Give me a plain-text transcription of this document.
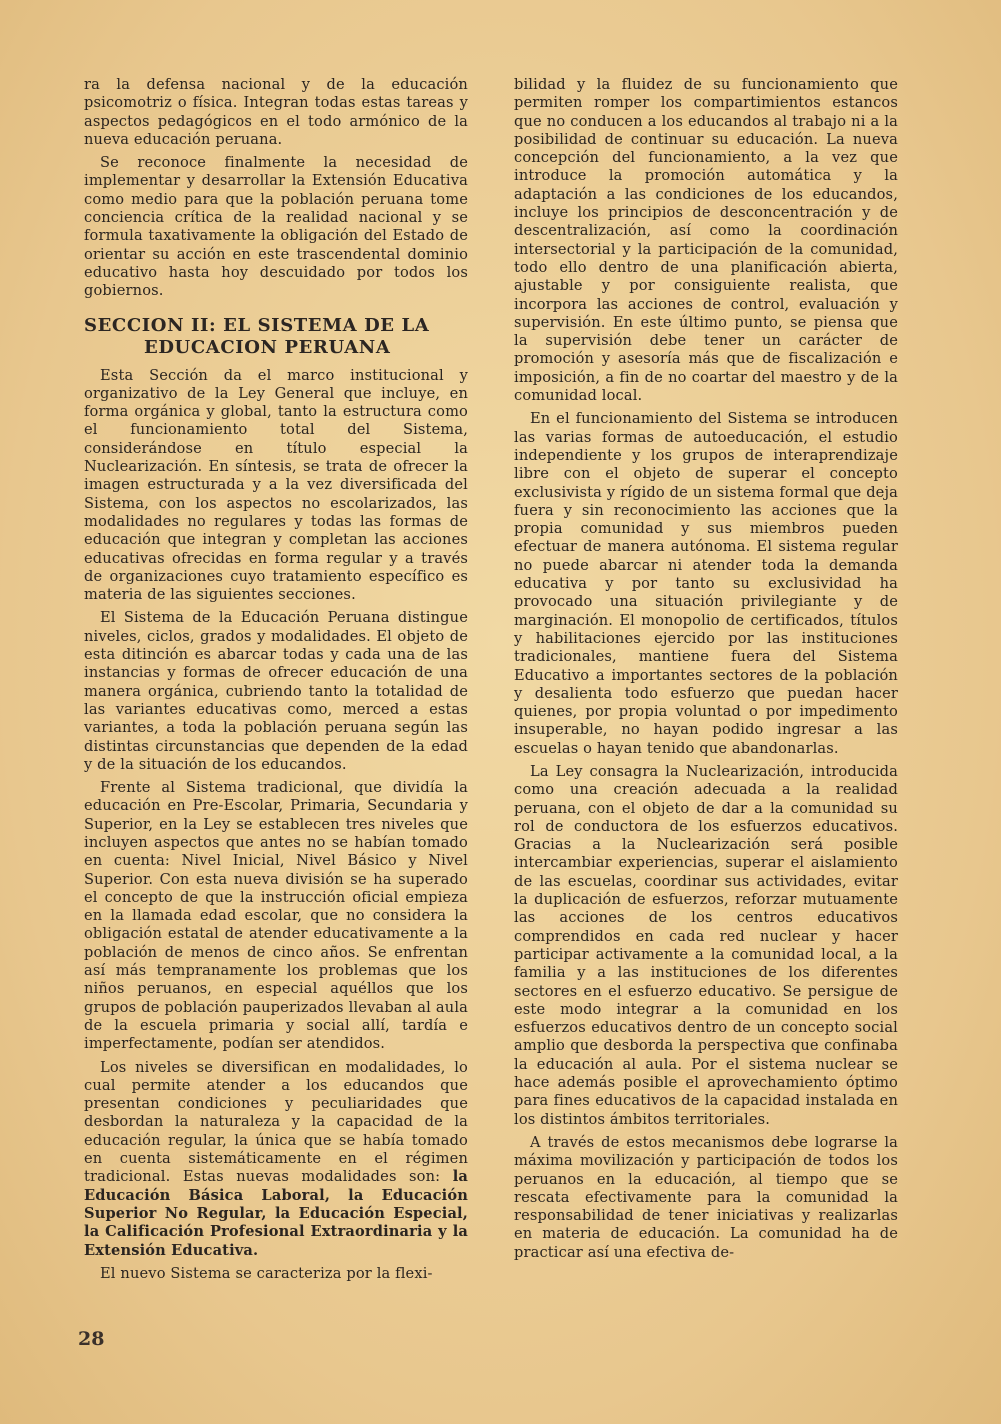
ra la defensa nacional y de la educación psicomotriz o física. Integran todas estas tareas y aspectos pedagógicos en el todo armónico de la nueva educación peruana.

Se reconoce finalmente la necesidad de implementar y desarrollar la Extensión Educativa como medio para que la población peruana tome conciencia crítica de la realidad nacional y se formula taxativamente la obligación del Estado de orientar su acción en este trascendental dominio educativo hasta hoy descuidado por todos los gobiernos.

SECCION II: EL SISTEMA DE LA
EDUCACION PERUANA

Esta Sección da el marco institucional y organizativo de la Ley General que incluye, en forma orgánica y global, tanto la estructura como el funcionamiento total del Sistema, considerándose en título especial la Nuclearización. En síntesis, se trata de ofrecer la imagen estructurada y a la vez diversificada del Sistema, con los aspectos no escolarizados, las modalidades no regulares y todas las formas de educación que integran y completan las acciones educativas ofrecidas en forma regular y a través de organizaciones cuyo tratamiento específico es materia de las siguientes secciones.

El Sistema de la Educación Peruana distingue niveles, ciclos, grados y modalidades. El objeto de esta ditinción es abarcar todas y cada una de las instancias y formas de ofrecer educación de una manera orgánica, cubriendo tanto la totalidad de las variantes educativas como, merced a estas variantes, a toda la población peruana según las distintas circunstancias que dependen de la edad y de la situación de los educandos.

Frente al Sistema tradicional, que dividía la educación en Pre-Escolar, Primaria, Secundaria y Superior, en la Ley se establecen tres niveles que incluyen aspectos que antes no se habían tomado en cuenta: Nivel Inicial, Nivel Básico y Nivel Superior. Con esta nueva división se ha superado el concepto de que la instrucción oficial empieza en la llamada edad escolar, que no considera la obligación estatal de atender educativamente a la población de menos de cinco años. Se enfrentan así más tempranamente los problemas que los niños peruanos, en especial aquéllos que los grupos de población pauperizados llevaban al aula de la escuela primaria y social allí, tardía e imperfectamente, podían ser atendidos.

Los niveles se diversifican en modalidades, lo cual permite atender a los educandos que presentan condiciones y peculiaridades que desbordan la naturaleza y la capacidad de la educación regular, la única que se había tomado en cuenta sistemáticamente en el régimen tradicional. Estas nuevas modalidades son: la Educación Básica Laboral, la Educación Superior No Regular, la Educación Especial, la Calificación Profesional Extraordinaria y la Extensión Educativa.

El nuevo Sistema se caracteriza por la flexi-

bilidad y la fluidez de su funcionamiento que permiten romper los compartimientos estancos que no conducen a los educandos al trabajo ni a la posibilidad de continuar su educación. La nueva concepción del funcionamiento, a la vez que introduce la promoción automática y la adaptación a las condiciones de los educandos, incluye los principios de desconcentración y de descentralización, así como la coordinación intersectorial y la participación de la comunidad, todo ello dentro de una planificación abierta, ajustable y por consiguiente realista, que incorpora las acciones de control, evaluación y supervisión. En este último punto, se piensa que la supervisión debe tener un carácter de promoción y asesoría más que de fiscalización e imposición, a fin de no coartar del maestro y de la comunidad local.

En el funcionamiento del Sistema se introducen las varias formas de autoeducación, el estudio independiente y los grupos de interaprendizaje libre con el objeto de superar el concepto exclusivista y rígido de un sistema formal que deja fuera y sin reconocimiento las acciones que la propia comunidad y sus miembros pueden efectuar de manera autónoma. El sistema regular no puede abarcar ni atender toda la demanda educativa y por tanto su exclusividad ha provocado una situación privilegiante y de marginación. El monopolio de certificados, títulos y habilitaciones ejercido por las instituciones tradicionales, mantiene fuera del Sistema Educativo a importantes sectores de la población y desalienta todo esfuerzo que puedan hacer quienes, por propia voluntad o por impedimento insuperable, no hayan podido ingresar a las escuelas o hayan tenido que abandonarlas.

La Ley consagra la Nuclearización, introducida como una creación adecuada a la realidad peruana, con el objeto de dar a la comunidad su rol de conductora de los esfuerzos educativos. Gracias a la Nuclearización será posible intercambiar experiencias, superar el aislamiento de las escuelas, coordinar sus actividades, evitar la duplicación de esfuerzos, reforzar mutuamente las acciones de los centros educativos comprendidos en cada red nuclear y hacer participar activamente a la comunidad local, a la familia y a las instituciones de los diferentes sectores en el esfuerzo educativo. Se persigue de este modo integrar a la comunidad en los esfuerzos educativos dentro de un concepto social amplio que desborda la perspectiva que confinaba la educación al aula. Por el sistema nuclear se hace además posible el aprovechamiento óptimo para fines educativos de la capacidad instalada en los distintos ámbitos territoriales.

A través de estos mecanismos debe lograrse la máxima movilización y participación de todos los peruanos en la educación, al tiempo que se rescata efectivamente para la comunidad la responsabilidad de tener iniciativas y realizarlas en materia de educación. La comunidad ha de practicar así una efectiva de-

28
